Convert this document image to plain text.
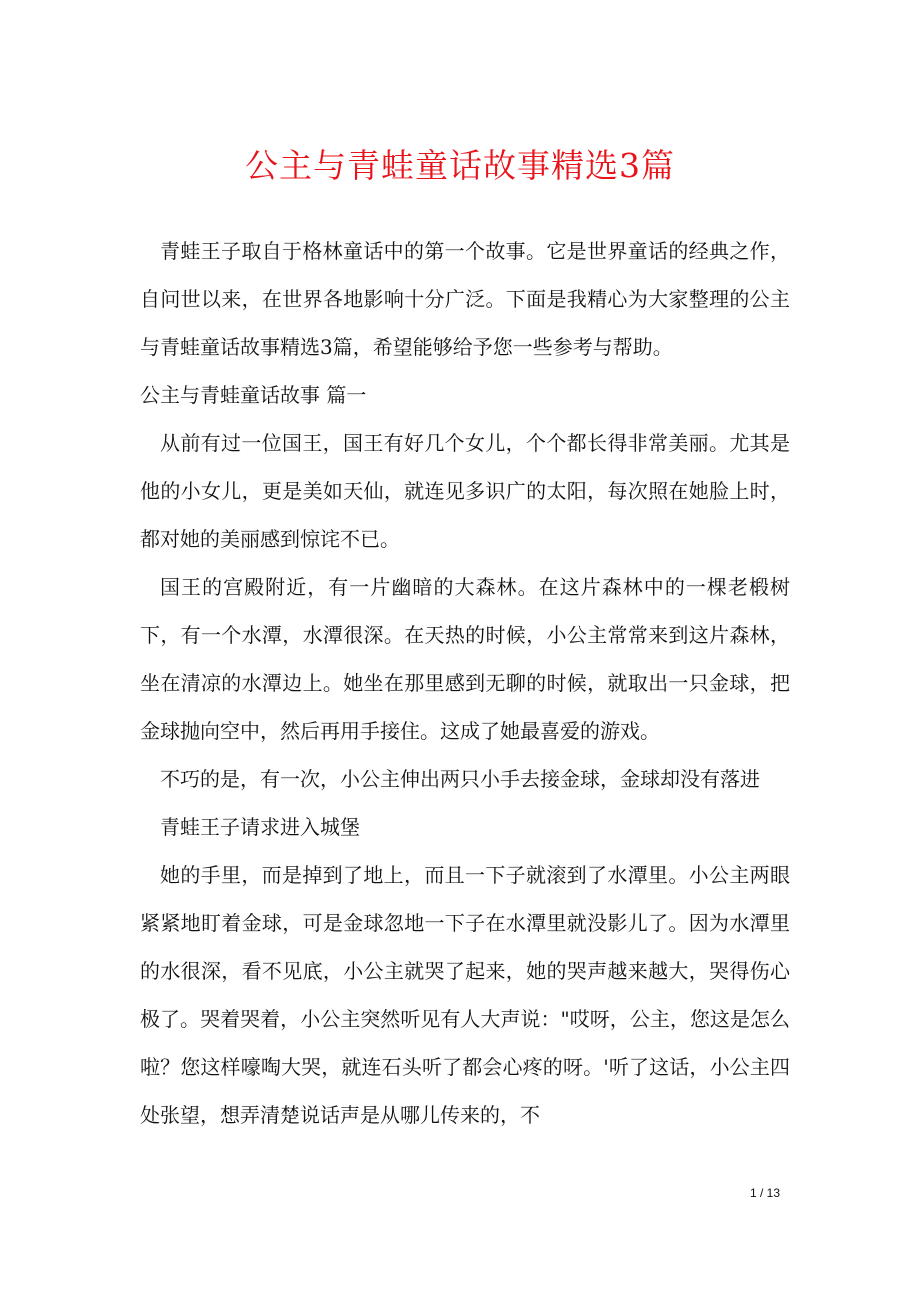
公主与青蛙童话故事精选3篇

青蛙王子取自于格林童话中的第一个故事。它是世界童话的经典之作，自问世以来，在世界各地影响十分广泛。下面是我精心为大家整理的公主与青蛙童话故事精选3篇，希望能够给予您一些参考与帮助。

公主与青蛙童话故事 篇一

从前有过一位国王，国王有好几个女儿，个个都长得非常美丽。尤其是他的小女儿，更是美如天仙，就连见多识广的太阳，每次照在她脸上时，都对她的美丽感到惊诧不已。

国王的宫殿附近，有一片幽暗的大森林。在这片森林中的一棵老椴树下，有一个水潭，水潭很深。在天热的时候，小公主常常来到这片森林，坐在清凉的水潭边上。她坐在那里感到无聊的时候，就取出一只金球，把金球抛向空中，然后再用手接住。这成了她最喜爱的游戏。

不巧的是，有一次，小公主伸出两只小手去接金球，金球却没有落进

青蛙王子请求进入城堡

她的手里，而是掉到了地上，而且一下子就滚到了水潭里。小公主两眼紧紧地盯着金球，可是金球忽地一下子在水潭里就没影儿了。因为水潭里的水很深，看不见底，小公主就哭了起来，她的哭声越来越大，哭得伤心极了。哭着哭着，小公主突然听见有人大声说："哎呀，公主，您这是怎么啦？您这样嚎啕大哭，就连石头听了都会心疼的呀。'听了这话，小公主四处张望，想弄清楚说话声是从哪儿传来的，不

1 / 13
